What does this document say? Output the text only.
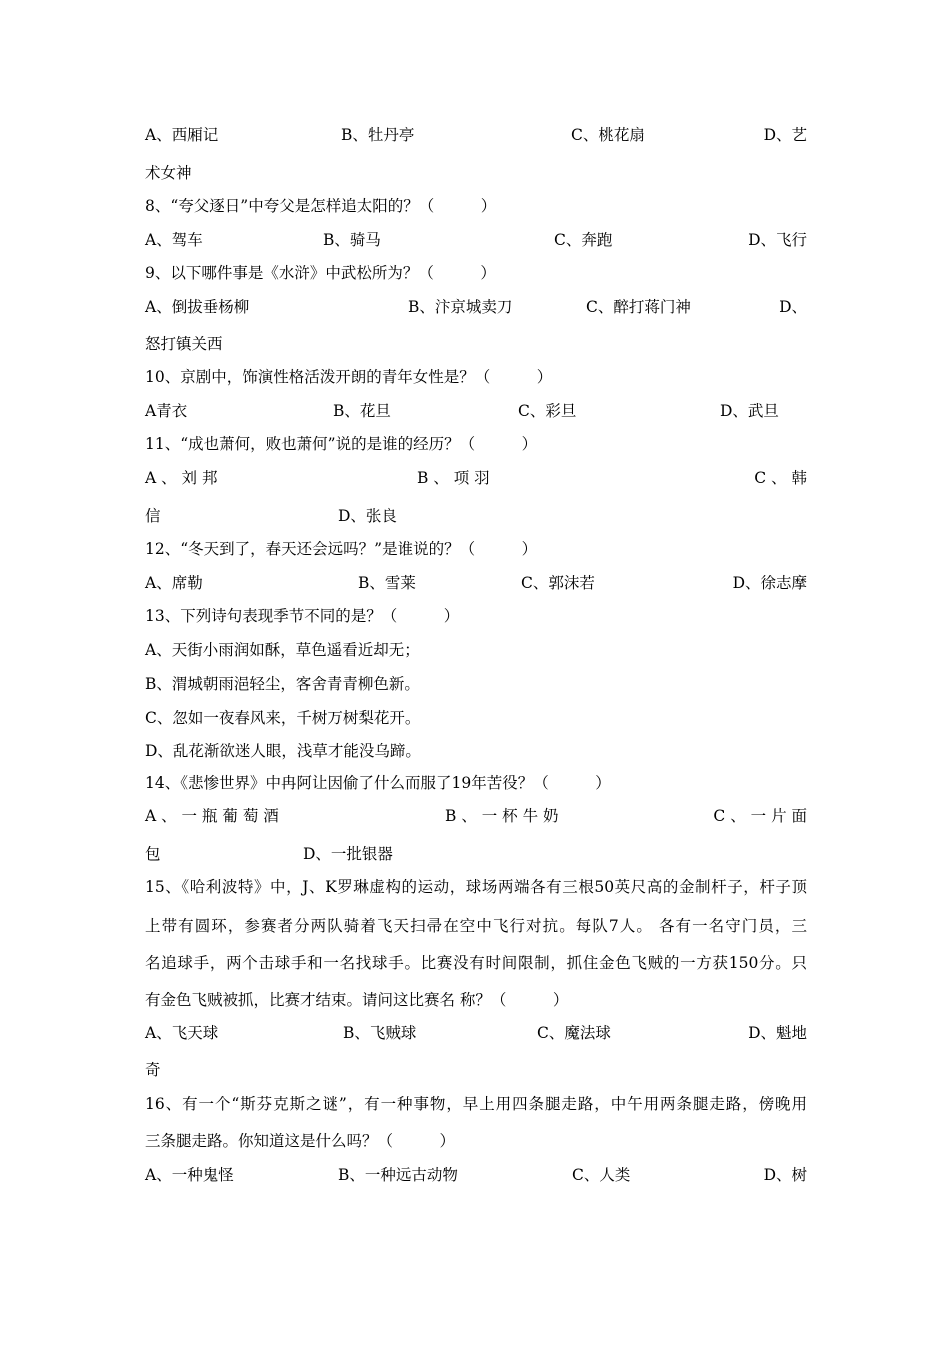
A、西厢记	B、牡丹亭	C、桃花扇	D、艺
术女神
8、“夸父逐日”中夸父是怎样追太阳的？（　　　）
A、驾车	B、骑马	C、奔跑	D、飞行
9、以下哪件事是《水浒》中武松所为？（　　　）
A、倒拔垂杨柳	B、汴京城卖刀	C、醉打蒋门神	D、
怒打镇关西
10、京剧中，饰演性格活泼开朗的青年女性是？（　　　）
A青衣	B、花旦	C、彩旦	D、武旦
11、“成也萧何，败也萧何”说的是谁的经历？（　　　）
A 、 刘 邦	B 、 项 羽	C 、 韩
信	D、张良
12、“冬天到了，春天还会远吗？”是谁说的？（　　　）
A、席勒	B、雪莱	C、郭沫若	D、徐志摩
13、下列诗句表现季节不同的是？（　　　）
A、天街小雨润如酥，草色遥看近却无；
B、渭城朝雨浥轻尘，客舍青青柳色新。
C、忽如一夜春风来，千树万树梨花开。
D、乱花渐欲迷人眼，浅草才能没乌蹄。
14、《悲惨世界》中冉阿让因偷了什么而服了19年苦役？（　　　）
A 、 一 瓶 葡 萄 酒	B 、 一 杯 牛 奶	C 、 一 片 面
包	D、一批银器
15、《哈利波特》中，J、K罗琳虚构的运动，球场两端各有三根50英尺高的金制杆子，杆子顶
上带有圆环，参赛者分两队骑着飞天扫帚在空中飞行对抗。每队7人。 各有一名守门员，三
名追球手，两个击球手和一名找球手。比赛没有时间限制，抓住金色飞贼的一方获150分。只
有金色飞贼被抓，比赛才结束。请问这比赛名 称？（　　　）
A、飞天球	B、飞贼球	C、魔法球	D、魁地
奇
16、有一个“斯芬克斯之谜”，有一种事物，早上用四条腿走路，中午用两条腿走路，傍晚用
三条腿走路。你知道这是什么吗？（　　　）
A、一种鬼怪	B、一种远古动物	C、人类	D、树
